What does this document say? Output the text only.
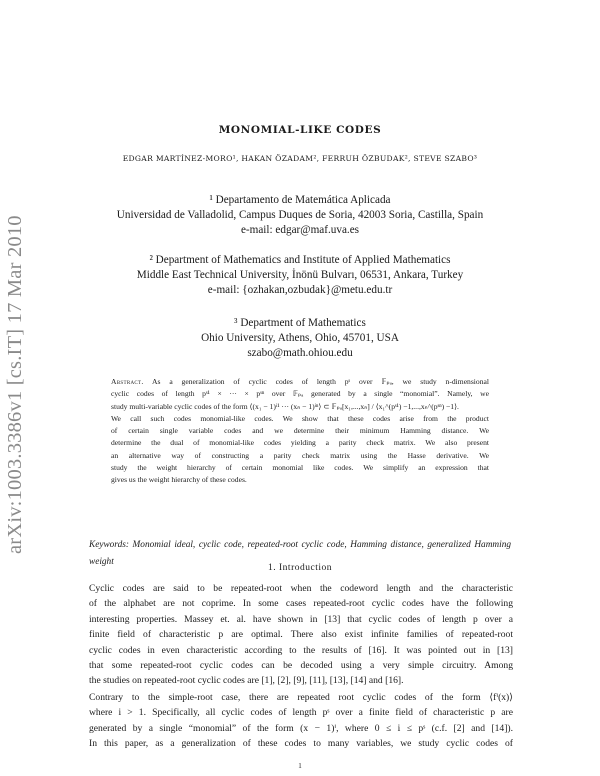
arXiv:1003.3386v1 [cs.IT] 17 Mar 2010
MONOMIAL-LIKE CODES
EDGAR MARTÍNEZ-MORO¹, HAKAN ÖZADAM², FERRUH ÖZBUDAK², STEVE SZABO³
¹ Departamento de Matemática Aplicada
Universidad de Valladolid, Campus Duques de Soria, 42003 Soria, Castilla, Spain
e-mail: edgar@maf.uva.es
² Department of Mathematics and Institute of Applied Mathematics
Middle East Technical University, İnönü Bulvarı, 06531, Ankara, Turkey
e-mail: {ozhakan,ozbudak}@metu.edu.tr
³ Department of Mathematics
Ohio University, Athens, Ohio, 45701, USA
szabo@math.ohiou.edu
Abstract. As a generalization of cyclic codes of length pˢ over 𝔽ₚₐ, we study n-dimensional
cyclic codes of length pˢ¹ × ··· × pˢⁿ over 𝔽ₚₐ generated by a single “monomial”. Namely, we
study multi-variable cyclic codes of the form ⟨(x₁ − 1)ⁱ¹ ··· (xₙ − 1)ⁱⁿ⟩ ⊂ 𝔽ₚₐ[x₁,...,xₙ] / ⟨x₁^(pˢ¹) −1,...,xₙ^(pˢⁿ) −1⟩.
We call such codes monomial-like codes. We show that these codes arise from the product
of certain single variable codes and we determine their minimum Hamming distance. We
determine the dual of monomial-like codes yielding a parity check matrix. We also present
an alternative way of constructing a parity check matrix using the Hasse derivative. We
study the weight hierarchy of certain monomial like codes. We simplify an expression that
gives us the weight hierarchy of these codes.
Keywords: Monomial ideal, cyclic code, repeated-root cyclic code, Hamming distance, generalized Hamming weight
1. Introduction
Cyclic codes are said to be repeated-root when the codeword length and the characteristic
of the alphabet are not coprime. In some cases repeated-root cyclic codes have the following
interesting properties. Massey et. al. have shown in [13] that cyclic codes of length p over a
finite field of characteristic p are optimal. There also exist infinite families of repeated-root
cyclic codes in even characteristic according to the results of [16]. It was pointed out in [13]
that some repeated-root cyclic codes can be decoded using a very simple circuitry. Among
the studies on repeated-root cyclic codes are [1], [2], [9], [11], [13], [14] and [16].
Contrary to the simple-root case, there are repeated root cyclic codes of the form ⟨fⁱ(x)⟩
where i > 1. Specifically, all cyclic codes of length pˢ over a finite field of characteristic p are
generated by a single “monomial” of the form (x − 1)ⁱ, where 0 ≤ i ≤ pˢ (c.f. [2] and [14]).
In this paper, as a generalization of these codes to many variables, we study cyclic codes of
1
